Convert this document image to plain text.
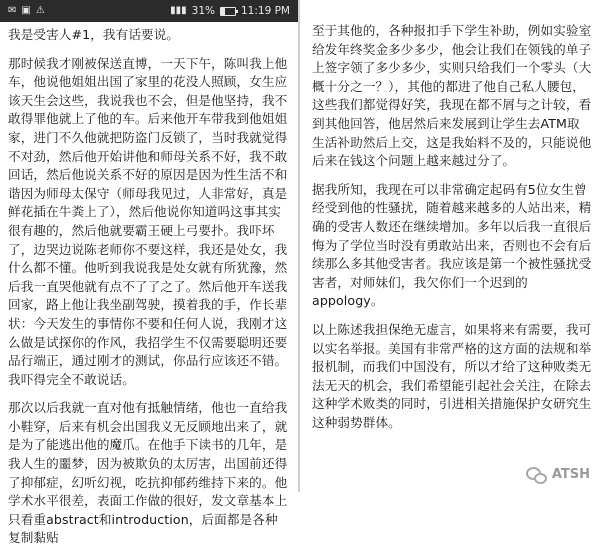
✉ ▣ ⚠	▮▮▮ 31% 11:19 PM

我是受害人#1，我有话要说。

那时候我才刚被保送直博，一天下午，陈叫我上他车，他说他姐姐出国了家里的花没人照顾，女生应该天生会这些，我说我也不会，但是他坚持，我不敢得罪他就上了他的车。后来他开车带我到他姐姐家，进门不久他就把防盗门反锁了，当时我就觉得不对劲，然后他开始讲他和师母关系不好，我不敢回话，然后他说关系不好的原因是因为性生活不和谐因为师母太保守（师母我见过，人非常好，真是鲜花插在牛粪上了），然后他说你知道吗这事其实很有趣的，然后他就要霸王硬上弓要扑。我吓坏了，边哭边说陈老师你不要这样，我还是处女，我什么都不懂。他听到我说我是处女就有所犹豫，然后我一直哭他就有点不了了之了。然后他开车送我回家，路上他让我坐副驾驶，摸着我的手，作长辈状：今天发生的事情你不要和任何人说，我刚才这么做是试探你的作风，我招学生不仅需要聪明还要品行端正，通过刚才的测试，你品行应该还不错。我吓得完全不敢说话。

那次以后我就一直对他有抵触情绪，他也一直给我小鞋穿，后来有机会出国我义无反顾地出来了，就是为了能逃出他的魔爪。在他手下读书的几年，是我人生的噩梦，因为被欺负的太厉害，出国前还得了抑郁症，幻听幻视，吃抗抑郁药维持下来的。他学术水平很差，表面工作做的很好，发文章基本上只看重abstract和introduction，后面都是各种复制黏贴

至于其他的，各种报扣手下学生补助，例如实验室给发年终奖金多少多少，他会让我们在领钱的单子上签字领了多少多少，实则只给我们一个零头（大概十分之一？），其他的都进了他自己私人腰包，这些我们都觉得好笑，我现在都不屑与之计较，看到其他回答，他居然后来发展到让学生去ATM取生活补助然后上交，这是我始料不及的，只能说他后来在钱这个问题上越来越过分了。

据我所知，我现在可以非常确定起码有5位女生曾经受到他的性骚扰，随着越来越多的人站出来，精确的受害人数还在继续增加。多年以后我一直很后悔为了学位当时没有勇敢站出来，否则也不会有后续那么多其他受害者。我应该是第一个被性骚扰受害者，对师妹们，我欠你们一个迟到的appology。

以上陈述我担保绝无虚言，如果将来有需要，我可以实名举报。美国有非常严格的这方面的法规和举报机制，而我们中国没有，所以才给了这种败类无法无天的机会，我们希望能引起社会关注，在除去这种学术败类的同时，引进相关措施保护女研究生这种弱势群体。

ATSH
